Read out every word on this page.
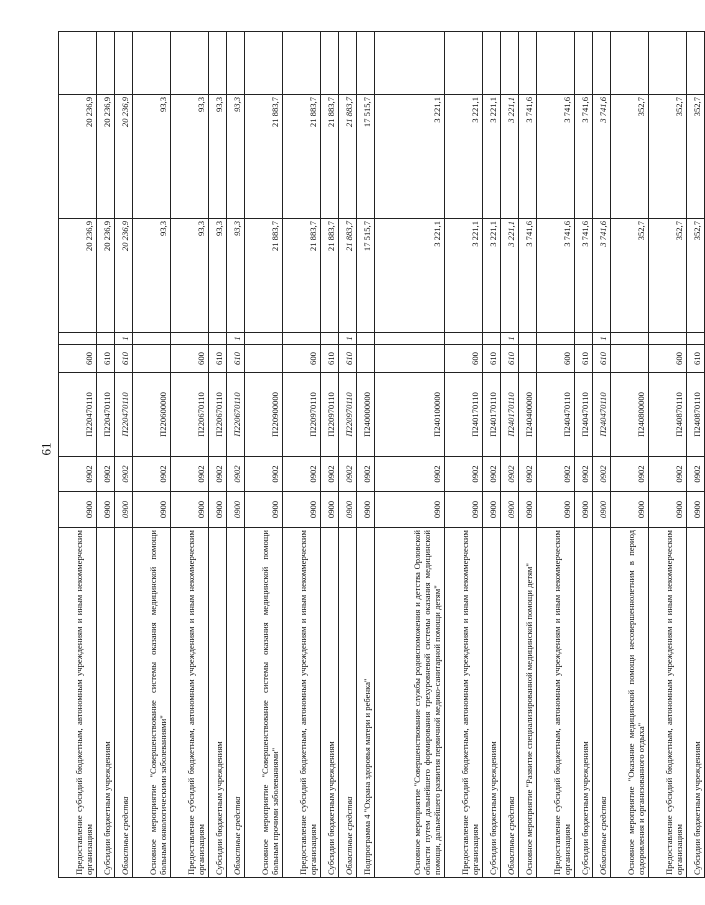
61
Предоставление субсидий бюджетным, автономным учреждениям и иным некоммерческим организациям	0900	0902	П220470110	600		20 236,9	20 236,9	
Субсидии бюджетным учреждениям	0900	0902	П220470110	610		20 236,9	20 236,9	
Областные средства	0900	0902	П220470110	610	1	20 236,9	20 236,9	
Основное мероприятие "Совершенствование системы оказания медицинской помощи больным онкологическими заболеваниями"	0900	0902	П220600000			93,3	93,3	
Предоставление субсидий бюджетным, автономным учреждениям и иным некоммерческим организациям	0900	0902	П220670110	600		93,3	93,3	
Субсидии бюджетным учреждениям	0900	0902	П220670110	610		93,3	93,3	
Областные средства	0900	0902	П220670110	610	1	93,3	93,3	
Основное мероприятие "Совершенствование системы оказания медицинской помощи больным прочими заболеваниями"	0900	0902	П220900000			21 883,7	21 883,7	
Предоставление субсидий бюджетным, автономным учреждениям и иным некоммерческим организациям	0900	0902	П220970110	600		21 883,7	21 883,7	
Субсидии бюджетным учреждениям	0900	0902	П220970110	610		21 883,7	21 883,7	
Областные средства	0900	0902	П220970110	610	1	21 883,7	21 883,7	
Подпрограмма 4 "Охрана здоровья матери и ребенка"	0900	0902	П240000000			17 515,7	17 515,7	
Основное мероприятие "Совершенствование службы родовспоможения и детства Орловской области путем дальнейшего формирования трехуровневой системы оказания медицинской помощи, дальнейшего развития первичной медико-санитарной помощи детям"	0900	0902	П240100000			3 221,1	3 221,1	
Предоставление субсидий бюджетным, автономным учреждениям и иным некоммерческим организациям	0900	0902	П240170110	600		3 221,1	3 221,1	
Субсидии бюджетным учреждениям	0900	0902	П240170110	610		3 221,1	3 221,1	
Областные средства	0900	0902	П240170110	610	1	3 221,1	3 221,1	
Основное мероприятие "Развитие специализированной медицинской помощи детям"	0900	0902	П240400000			3 741,6	3 741,6	
Предоставление субсидий бюджетным, автономным учреждениям и иным некоммерческим организациям	0900	0902	П240470110	600		3 741,6	3 741,6	
Субсидии бюджетным учреждениям	0900	0902	П240470110	610		3 741,6	3 741,6	
Областные средства	0900	0902	П240470110	610	1	3 741,6	3 741,6	
Основное мероприятие "Оказание медицинской помощи несовершеннолетним в период оздоровления и организованного отдыха"	0900	0902	П240800000			352,7	352,7	
Предоставление субсидий бюджетным, автономным учреждениям и иным некоммерческим организациям	0900	0902	П240870110	600		352,7	352,7	
Субсидии бюджетным учреждениям	0900	0902	П240870110	610		352,7	352,7	
